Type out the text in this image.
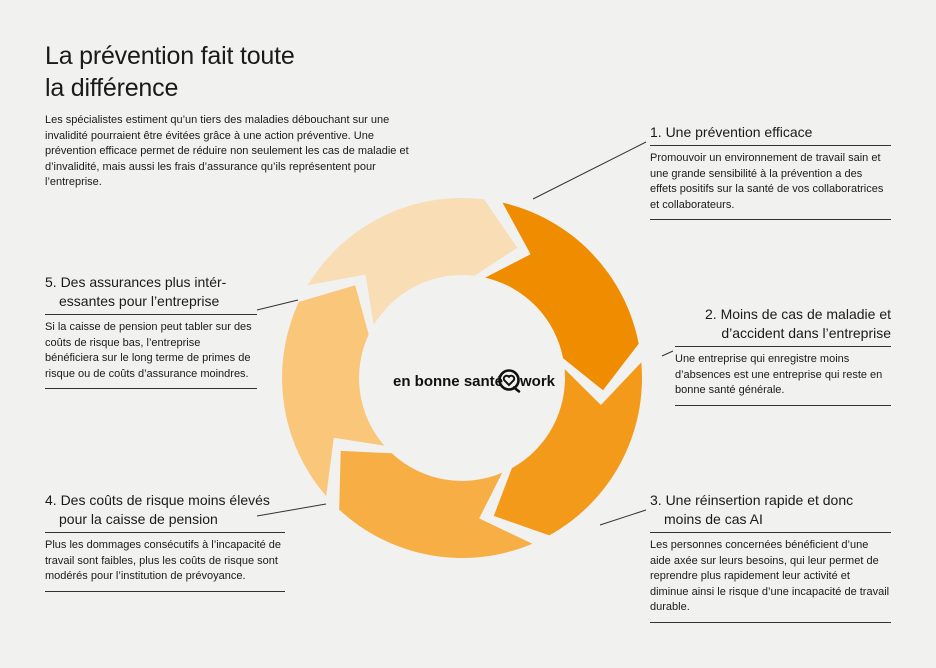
La prévention fait toute
la différence

Les spécialistes estiment qu’un tiers des maladies débouchant sur une invalidité pourraient être évitées grâce à une action préventive. Une prévention efficace permet de réduire non seulement les cas de maladie et d’invalidité, mais aussi les frais d’assurance qu’ils représentent pour l’entreprise.

en bonne santé work

1. Une prévention efficace

Promouvoir un environnement de travail sain et une grande sensibilité à la prévention a des effets positifs sur la santé de vos collaboratrices et collaborateurs.

2. Moins de cas de maladie et
d’accident dans l’entreprise

Une entreprise qui enregistre moins d’absences est une entreprise qui reste en bonne santé générale.

3. Une réinsertion rapide et donc
moins de cas AI

Les personnes concernées bénéficient d’une aide axée sur leurs besoins, qui leur permet de reprendre plus rapidement leur activité et diminue ainsi le risque d’une incapacité de travail durable.

4. Des coûts de risque moins élevés
pour la caisse de pension

Plus les dommages consécutifs à l’incapacité de travail sont faibles, plus les coûts de risque sont modérés pour l’institution de prévoyance.

5. Des assurances plus intér-
essantes pour l’entreprise

Si la caisse de pension peut tabler sur des coûts de risque bas, l’entreprise bénéficiera sur le long terme de primes de risque ou de coûts d’assurance moindres.
